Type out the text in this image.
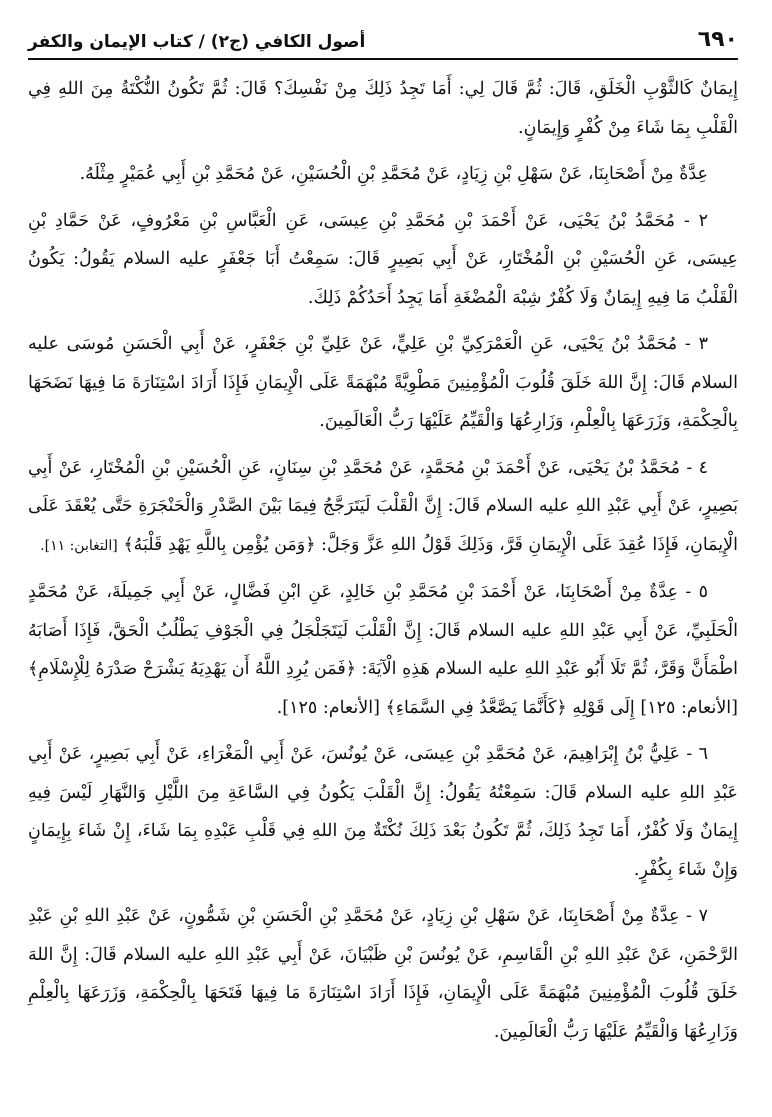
٦٩٠
أصول الكافي (ج٢) / كتاب الإيمان والكفر

إِيمَانٌ كَالثَّوْبِ الْخَلَقِ، قَالَ: ثُمَّ قَالَ لِي: أَمَا تَجِدُ ذَلِكَ مِنْ نَفْسِكَ؟ قَالَ: ثُمَّ تَكُونُ النُّكْتَةُ مِنَ اللهِ فِي الْقَلْبِ بِمَا شَاءَ مِنْ كُفْرٍ وَإِيمَانٍ.

عِدَّةٌ مِنْ أَصْحَابِنَا، عَنْ سَهْلِ بْنِ زِيَادٍ، عَنْ مُحَمَّدِ بْنِ الْحُسَيْنِ، عَنْ مُحَمَّدِ بْنِ أَبِي عُمَيْرٍ مِثْلَهُ.

٢ - مُحَمَّدُ بْنُ يَحْيَى، عَنْ أَحْمَدَ بْنِ مُحَمَّدِ بْنِ عِيسَى، عَنِ الْعَبَّاسِ بْنِ مَعْرُوفٍ، عَنْ حَمَّادِ بْنِ عِيسَى، عَنِ الْحُسَيْنِ بْنِ الْمُخْتَارِ، عَنْ أَبِي بَصِيرٍ قَالَ: سَمِعْتُ أَبَا جَعْفَرٍ عليه السلام يَقُولُ: يَكُونُ الْقَلْبُ مَا فِيهِ إِيمَانٌ وَلَا كُفْرٌ شِبْهَ الْمُضْغَةِ أَمَا يَجِدُ أَحَدُكُمْ ذَلِكَ.

٣ - مُحَمَّدُ بْنُ يَحْيَى، عَنِ الْعَمْرَكِيِّ بْنِ عَلِيٍّ، عَنْ عَلِيِّ بْنِ جَعْفَرٍ، عَنْ أَبِي الْحَسَنِ مُوسَى عليه السلام قَالَ: إِنَّ اللهَ خَلَقَ قُلُوبَ الْمُؤْمِنِينَ مَطْوِيَّةً مُبْهَمَةً عَلَى الْإِيمَانِ فَإِذَا أَرَادَ اسْتِنَارَةَ مَا فِيهَا نَضَحَهَا بِالْحِكْمَةِ، وَزَرَعَهَا بِالْعِلْمِ، وَزَارِعُهَا وَالْقَيِّمُ عَلَيْهَا رَبُّ الْعَالَمِينَ.

٤ - مُحَمَّدُ بْنُ يَحْيَى، عَنْ أَحْمَدَ بْنِ مُحَمَّدٍ، عَنْ مُحَمَّدِ بْنِ سِنَانٍ، عَنِ الْحُسَيْنِ بْنِ الْمُخْتَارِ، عَنْ أَبِي بَصِيرٍ، عَنْ أَبِي عَبْدِ اللهِ عليه السلام قَالَ: إِنَّ الْقَلْبَ لَيَتَرَجَّجُ فِيمَا بَيْنَ الصَّدْرِ وَالْحَنْجَرَةِ حَتَّى يُعْقَدَ عَلَى الْإِيمَانِ، فَإِذَا عُقِدَ عَلَى الْإِيمَانِ قَرَّ، وَذَلِكَ قَوْلُ اللهِ عَزَّ وَجَلَّ: ﴿وَمَن يُؤْمِن بِاللَّهِ يَهْدِ قَلْبَهُ﴾ [التغابن: ١١].

٥ - عِدَّةٌ مِنْ أَصْحَابِنَا، عَنْ أَحْمَدَ بْنِ مُحَمَّدِ بْنِ خَالِدٍ، عَنِ ابْنِ فَضَّالٍ، عَنْ أَبِي جَمِيلَةَ، عَنْ مُحَمَّدٍ الْحَلَبِيِّ، عَنْ أَبِي عَبْدِ اللهِ عليه السلام قَالَ: إِنَّ الْقَلْبَ لَيَتَجَلْجَلُ فِي الْجَوْفِ يَطْلُبُ الْحَقَّ، فَإِذَا أَصَابَهُ اطْمَأَنَّ وَقَرَّ، ثُمَّ تَلَا أَبُو عَبْدِ اللهِ عليه السلام هَذِهِ الْآيَةَ: ﴿فَمَن يُرِدِ اللَّهُ أَن يَهْدِيَهُ يَشْرَحْ صَدْرَهُ لِلْإِسْلَامِ﴾ [الأنعام: ١٢٥] إِلَى قَوْلِهِ ﴿كَأَنَّمَا يَصَّعَّدُ فِي السَّمَاءِ﴾ [الأنعام: ١٢٥].

٦ - عَلِيُّ بْنُ إِبْرَاهِيمَ، عَنْ مُحَمَّدِ بْنِ عِيسَى، عَنْ يُونُسَ، عَنْ أَبِي الْمَغْرَاءِ، عَنْ أَبِي بَصِيرٍ، عَنْ أَبِي عَبْدِ اللهِ عليه السلام قَالَ: سَمِعْتُهُ يَقُولُ: إِنَّ الْقَلْبَ يَكُونُ فِي السَّاعَةِ مِنَ اللَّيْلِ وَالنَّهَارِ لَيْسَ فِيهِ إِيمَانٌ وَلَا كُفْرٌ، أَمَا تَجِدُ ذَلِكَ، ثُمَّ تَكُونُ بَعْدَ ذَلِكَ نُكْتَةٌ مِنَ اللهِ فِي قَلْبِ عَبْدِهِ بِمَا شَاءَ، إِنْ شَاءَ بِإِيمَانٍ وَإِنْ شَاءَ بِكُفْرٍ.

٧ - عِدَّةٌ مِنْ أَصْحَابِنَا، عَنْ سَهْلِ بْنِ زِيَادٍ، عَنْ مُحَمَّدِ بْنِ الْحَسَنِ بْنِ شَمُّونٍ، عَنْ عَبْدِ اللهِ بْنِ عَبْدِ الرَّحْمَنِ، عَنْ عَبْدِ اللهِ بْنِ الْقَاسِمِ، عَنْ يُونُسَ بْنِ ظَبْيَانَ، عَنْ أَبِي عَبْدِ اللهِ عليه السلام قَالَ: إِنَّ اللهَ خَلَقَ قُلُوبَ الْمُؤْمِنِينَ مُبْهَمَةً عَلَى الْإِيمَانِ، فَإِذَا أَرَادَ اسْتِنَارَةَ مَا فِيهَا فَتَحَهَا بِالْحِكْمَةِ، وَزَرَعَهَا بِالْعِلْمِ وَزَارِعُهَا وَالْقَيِّمُ عَلَيْهَا رَبُّ الْعَالَمِينَ.
